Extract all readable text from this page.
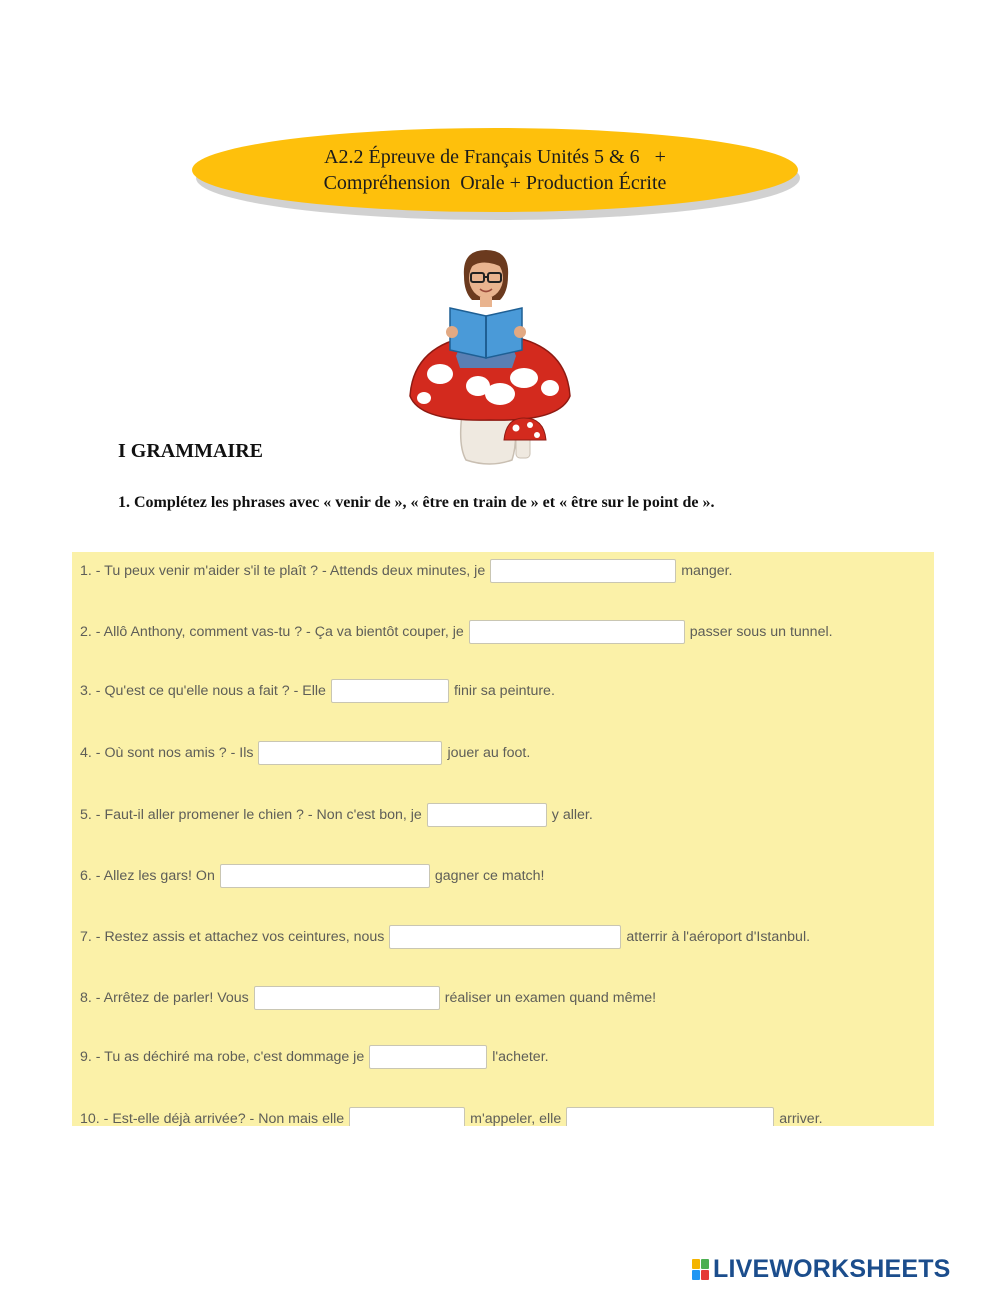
A2.2 Épreuve de Français Unités 5 & 6   +
Compréhension  Orale + Production Écrite
I GRAMMAIRE
1. Complétez les phrases avec « venir de », « être en train de » et « être sur le point de ».
1. - Tu peux venir m'aider s'il te plaît ? - Attends deux minutes, je	manger.
2. - Allô Anthony, comment vas-tu ? - Ça va bientôt couper, je	passer sous un tunnel.
3. - Qu'est ce qu'elle nous a fait ? - Elle	finir sa peinture.
4. - Où sont nos amis ? - Ils	jouer au foot.
5. - Faut-il aller promener le chien ? - Non c'est bon, je	y aller.
6. - Allez les gars! On	gagner ce match!
7. - Restez assis et attachez vos ceintures, nous	atterrir à l'aéroport d'Istanbul.
8. - Arrêtez de parler! Vous	réaliser un examen quand même!
9. - Tu as déchiré ma robe, c'est dommage je	l'acheter.
10. - Est-elle déjà arrivée? - Non mais elle	m'appeler, elle	arriver.
LIVEWORKSHEETS
